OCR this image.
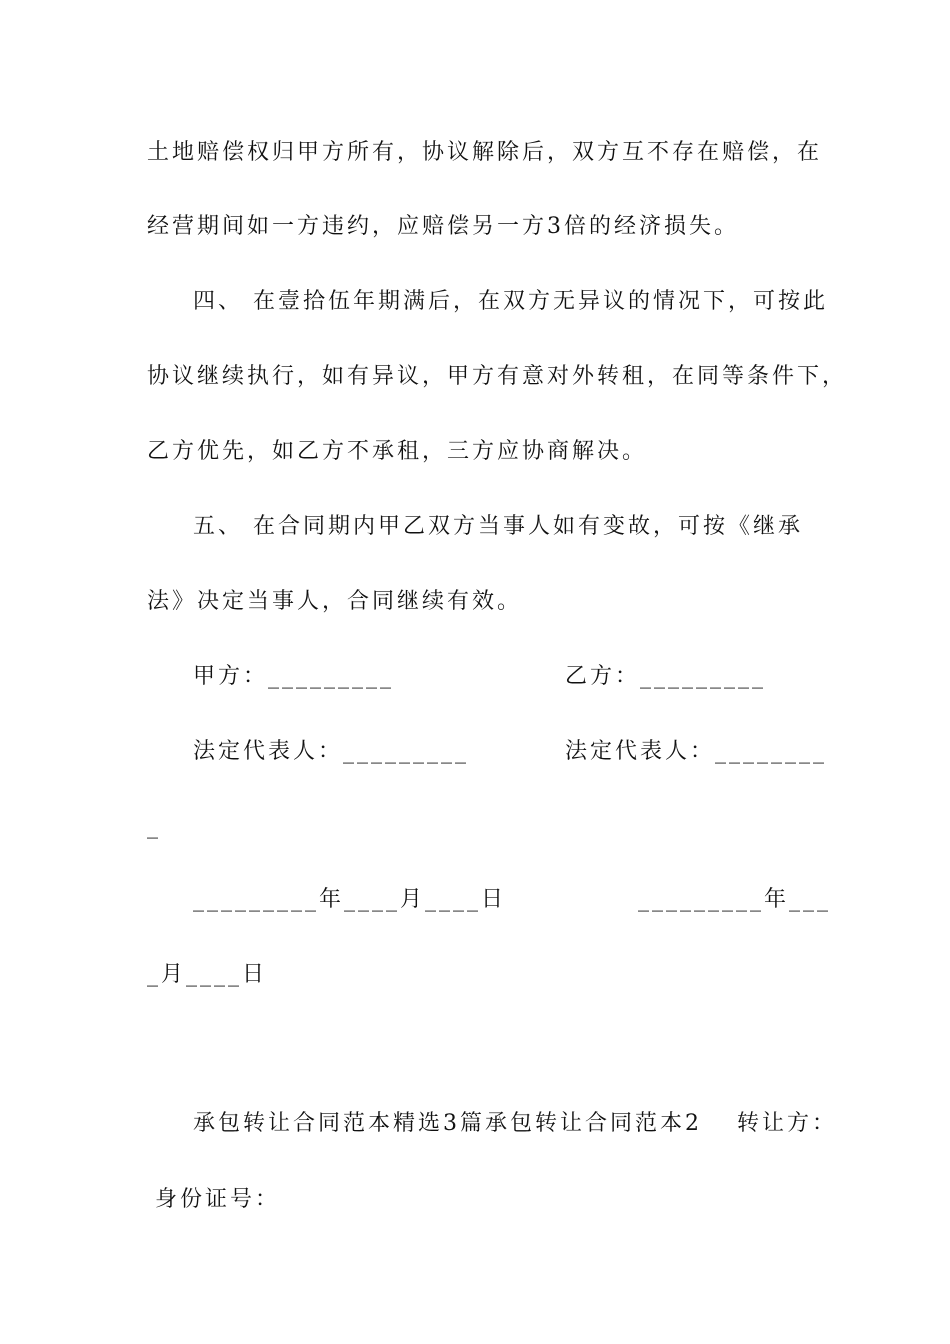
土地赔偿权归甲方所有，协议解除后，双方互不存在赔偿，在
经营期间如一方违约，应赔偿另一方3倍的经济损失。
四、 在壹拾伍年期满后，在双方无异议的情况下，可按此
协议继续执行，如有异议，甲方有意对外转租，在同等条件下，
乙方优先，如乙方不承租，三方应协商解决。
五、 在合同期内甲乙双方当事人如有变故，可按《继承
法》决定当事人，合同继续有效。
甲方：_________	乙方：_________
法定代表人：_________	法定代表人：________
_
_________年____月____日	_________年___
_月____日
承包转让合同范本精选3篇承包转让合同范本2 转让方：
身份证号：
